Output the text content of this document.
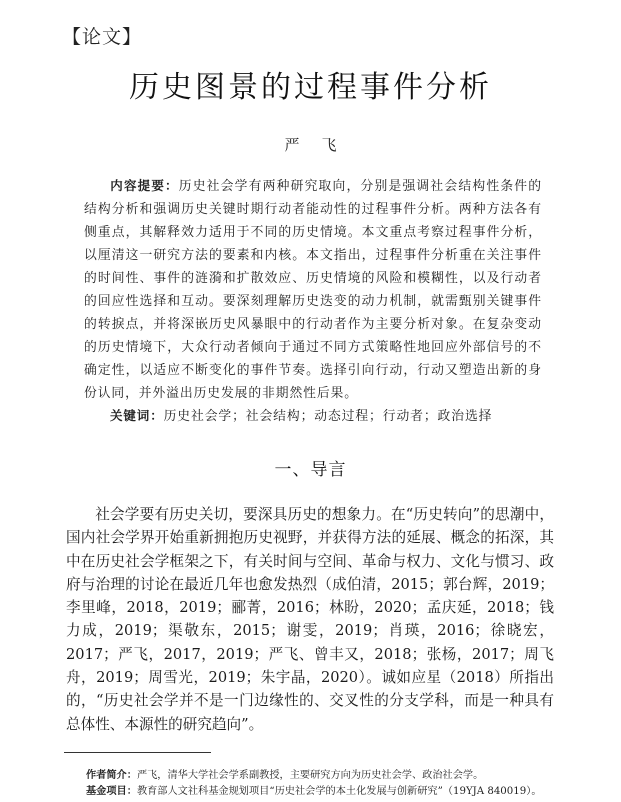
【论文】
历史图景的过程事件分析
严飞
内容提要：历史社会学有两种研究取向，分别是强调社会结构性条件的结构分析和强调历史关键时期行动者能动性的过程事件分析。两种方法各有侧重点，其解释效力适用于不同的历史情境。本文重点考察过程事件分析，以厘清这一研究方法的要素和内核。本文指出，过程事件分析重在关注事件的时间性、事件的涟漪和扩散效应、历史情境的风险和模糊性，以及行动者的回应性选择和互动。要深刻理解历史迭变的动力机制，就需甄别关键事件的转捩点，并将深嵌历史风暴眼中的行动者作为主要分析对象。在复杂变动的历史情境下，大众行动者倾向于通过不同方式策略性地回应外部信号的不确定性，以适应不断变化的事件节奏。选择引向行动，行动又塑造出新的身份认同，并外溢出历史发展的非期然性后果。
关键词：历史社会学；社会结构；动态过程；行动者；政治选择
一、导言
社会学要有历史关切，要深具历史的想象力。在“历史转向”的思潮中，国内社会学界开始重新拥抱历史视野，并获得方法的延展、概念的拓深，其中在历史社会学框架之下，有关时间与空间、革命与权力、文化与惯习、政府与治理的讨论在最近几年也愈发热烈（成伯清，2015；郭台辉，2019；李里峰，2018，2019；郦菁，2016；林盼，2020；孟庆延，2018；钱力成，2019；渠敬东，2015；谢雯，2019；肖瑛，2016；徐晓宏，2017；严飞，2017，2019；严飞、曾丰又，2018；张杨，2017；周飞舟，2019；周雪光，2019；朱宇晶，2020）。诚如应星（2018）所指出的，“历史社会学并不是一门边缘性的、交叉性的分支学科，而是一种具有总体性、本源性的研究趋向”。
作者简介：严飞，清华大学社会学系副教授，主要研究方向为历史社会学、政治社会学。
基金项目：教育部人文社科基金规划项目“历史社会学的本土化发展与创新研究”（19YJA 840019）。
